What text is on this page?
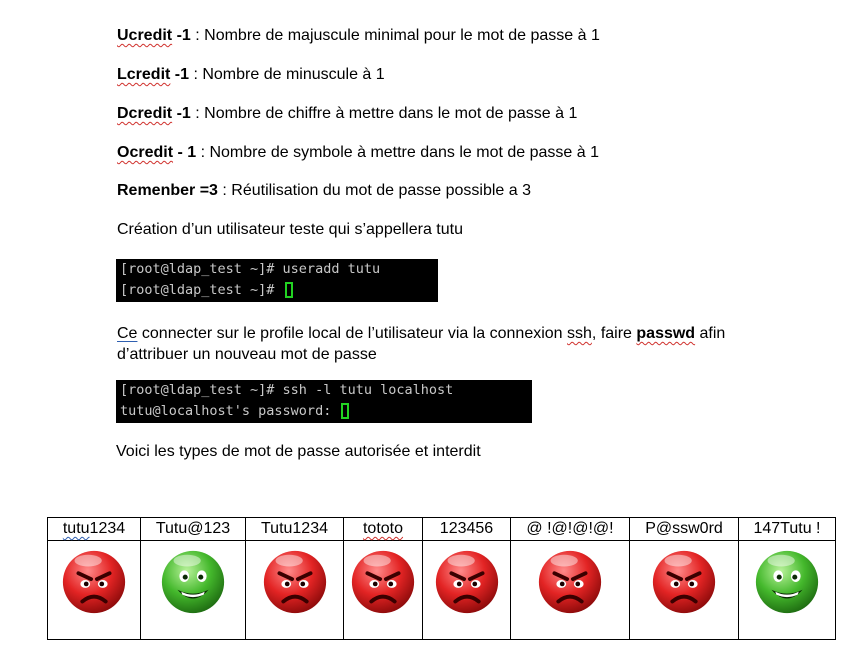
Ucredit -1 : Nombre de majuscule minimal pour le mot de passe à 1
Lcredit -1 : Nombre de minuscule à 1
Dcredit -1 : Nombre de chiffre à mettre dans le mot de passe à 1
Ocredit - 1 : Nombre de symbole à mettre dans le mot de passe à 1
Remenber =3 : Réutilisation du mot de passe possible a 3
Création d’un utilisateur teste qui s’appellera tutu
[root@ldap_test ~]# useradd tutu
[root@ldap_test ~]#
Ce connecter sur le profile local de l’utilisateur via la connexion ssh, faire passwd afin
d’attribuer un nouveau mot de passe
[root@ldap_test ~]# ssh -l tutu localhost
tutu@localhost's password:
Voici les types de mot de passe autorisée et interdit
tutu1234	Tutu@123	Tutu1234	tototo	123456	@ !@!@!@!	P@ssw0rd	147Tutu !
